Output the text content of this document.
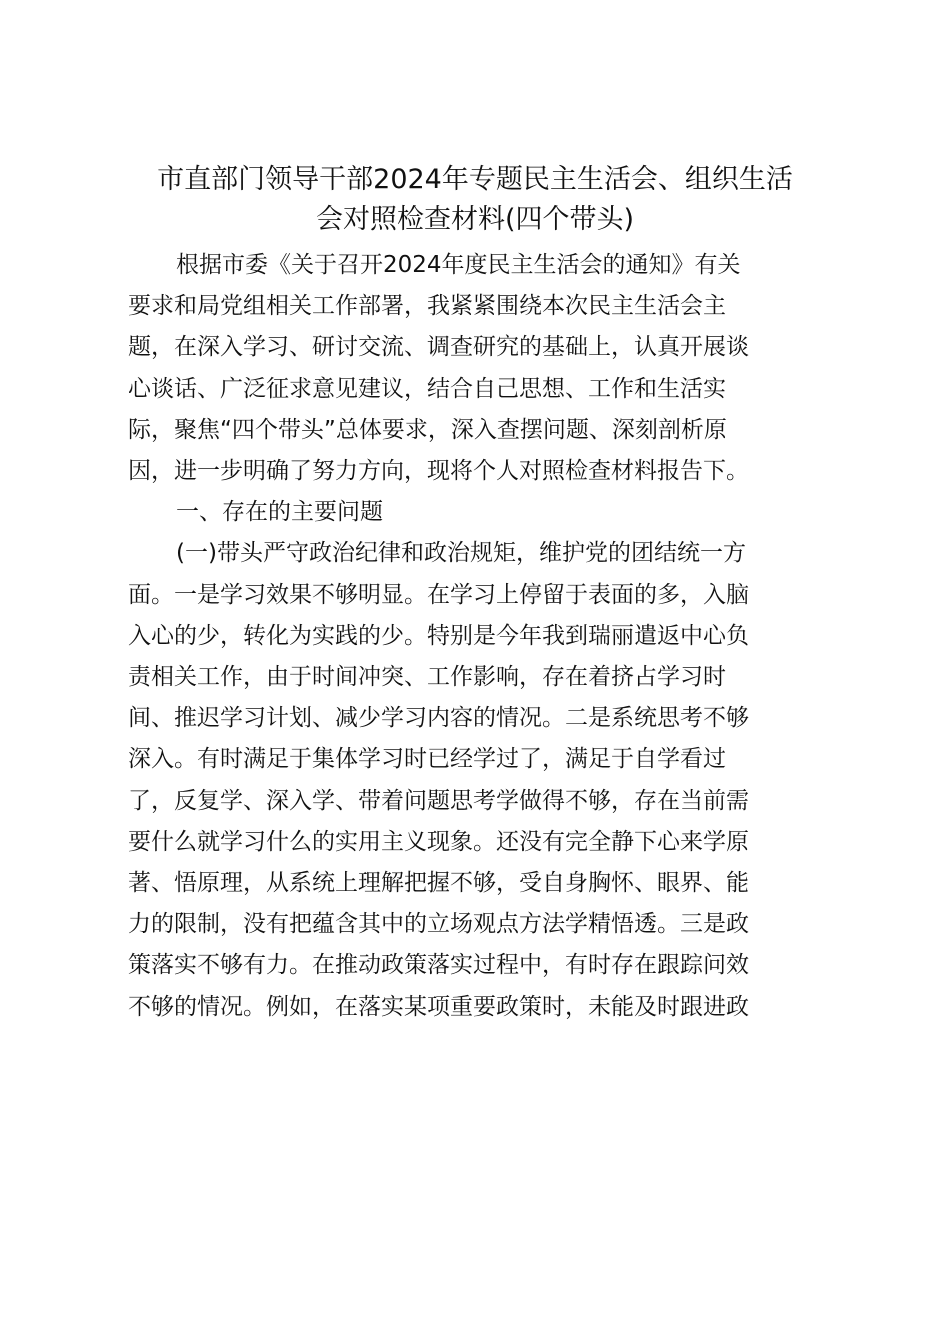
市直部门领导干部2024年专题民主生活会、组织生活
会对照检查材料(四个带头)
根据市委《关于召开2024年度民主生活会的通知》有关
要求和局党组相关工作部署，我紧紧围绕本次民主生活会主
题，在深入学习、研讨交流、调查研究的基础上，认真开展谈
心谈话、广泛征求意见建议，结合自己思想、工作和生活实
际，聚焦“四个带头”总体要求，深入查摆问题、深刻剖析原
因，进一步明确了努力方向，现将个人对照检查材料报告下。
一、存在的主要问题
(一)带头严守政治纪律和政治规矩，维护党的团结统一方
面。一是学习效果不够明显。在学习上停留于表面的多，入脑
入心的少，转化为实践的少。特别是今年我到瑞丽遣返中心负
责相关工作，由于时间冲突、工作影响，存在着挤占学习时
间、推迟学习计划、减少学习内容的情况。二是系统思考不够
深入。有时满足于集体学习时已经学过了，满足于自学看过
了，反复学、深入学、带着问题思考学做得不够，存在当前需
要什么就学习什么的实用主义现象。还没有完全静下心来学原
著、悟原理，从系统上理解把握不够，受自身胸怀、眼界、能
力的限制，没有把蕴含其中的立场观点方法学精悟透。三是政
策落实不够有力。在推动政策落实过程中，有时存在跟踪问效
不够的情况。例如，在落实某项重要政策时，未能及时跟进政
